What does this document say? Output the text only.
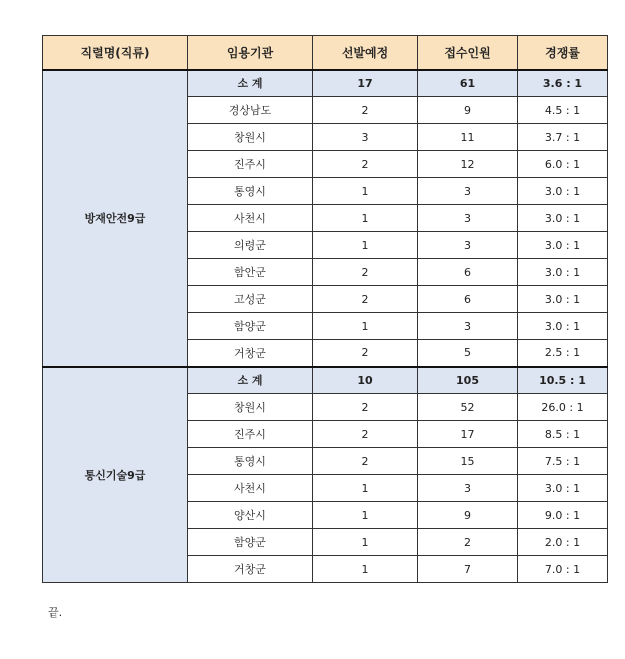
직렬명(직류)	임용기관	선발예정	접수인원	경쟁률
방재안전9급	소 계	17	61	3.6 : 1
	경상남도	2	9	4.5 : 1
	창원시	3	11	3.7 : 1
	진주시	2	12	6.0 : 1
	통영시	1	3	3.0 : 1
	사천시	1	3	3.0 : 1
	의령군	1	3	3.0 : 1
	함안군	2	6	3.0 : 1
	고성군	2	6	3.0 : 1
	함양군	1	3	3.0 : 1
	거창군	2	5	2.5 : 1
통신기술9급	소 계	10	105	10.5 : 1
	창원시	2	52	26.0 : 1
	진주시	2	17	8.5 : 1
	통영시	2	15	7.5 : 1
	사천시	1	3	3.0 : 1
	양산시	1	9	9.0 : 1
	함양군	1	2	2.0 : 1
	거창군	1	7	7.0 : 1
끝.
